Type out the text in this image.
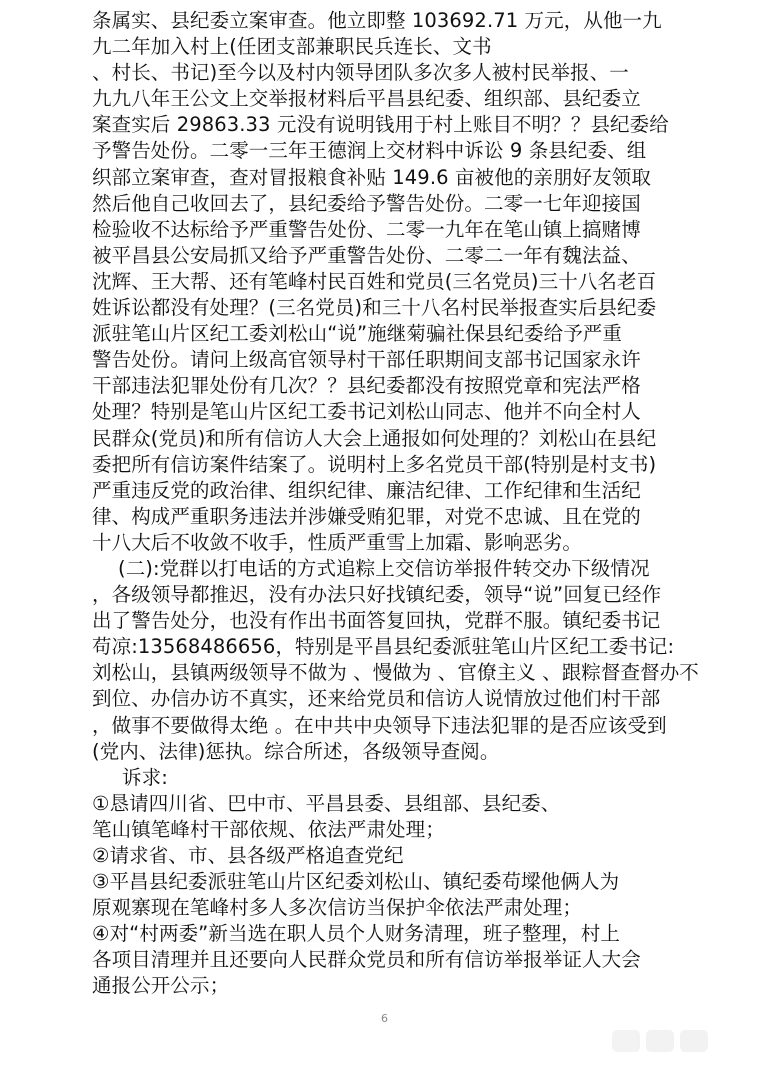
条属实、县纪委立案审查。他立即整 103692.71 万元，从他一九
九二年加入村上(任团支部兼职民兵连长、文书
、村长、书记)至今以及村内领导团队多次多人被村民举报、一
九九八年王公文上交举报材料后平昌县纪委、组织部、县纪委立
案查实后 29863.33 元没有说明钱用于村上账目不明？？县纪委给
予警告处份。二零一三年王德润上交材料中诉讼 9 条县纪委、组
织部立案审查，查对冒报粮食补贴 149.6 亩被他的亲朋好友领取
然后他自己收回去了，县纪委给予警告处份。二零一七年迎接国
检验收不达标给予严重警告处份、二零一九年在笔山镇上搞赌博
被平昌县公安局抓又给予严重警告处份、二零二一年有魏法益、
沈辉、王大帮、还有笔峰村民百姓和党员(三名党员)三十八名老百
姓诉讼都没有处理？(三名党员)和三十八名村民举报查实后县纪委
派驻笔山片区纪工委刘松山“说”施继菊骗社保县纪委给予严重
警告处份。请问上级高官领导村干部任职期间支部书记国家永许
干部违法犯罪处份有几次？？县纪委都没有按照党章和宪法严格
处理？特别是笔山片区纪工委书记刘松山同志、他并不向全村人
民群众(党员)和所有信访人大会上通报如何处理的？刘松山在县纪
委把所有信访案件结案了。说明村上多名党员干部(特别是村支书)
严重违反党的政治律、组织纪律、廉洁纪律、工作纪律和生活纪
律、构成严重职务违法并涉嫌受贿犯罪，对党不忠诚、且在党的
十八大后不收敛不收手，性质严重雪上加霜、影响恶劣。
(二):党群以打电话的方式追粽上交信访举报件转交办下级情况
，各级领导都推迟，没有办法只好找镇纪委，领导“说”回复已经作
出了警告处分，也没有作出书面答复回执，党群不服。镇纪委书记
苟凉:13568486656，特别是平昌县纪委派驻笔山片区纪工委书记:
刘松山，县镇两级领导不做为 、慢做为 、官僚主义 、跟粽督查督办不
到位、办信办访不真实，还来给党员和信访人说情放过他们村干部
，做事不要做得太绝 。在中共中央领导下违法犯罪的是否应该受到
(党内、法律)惩执。综合所述，各级领导查阅。
诉求:
①恳请四川省、巴中市、平昌县委、县组部、县纪委、
笔山镇笔峰村干部依规、依法严肃处理；
②请求省、市、县各级严格追查党纪
③平昌县纪委派驻笔山片区纪委刘松山、镇纪委苟墚他俩人为
原观寨现在笔峰村多人多次信访当保护伞依法严肃处理；
④对“村两委”新当选在职人员个人财务清理，班子整理，村上
各项目清理并且还要向人民群众党员和所有信访举报举证人大会
通报公开公示；
6
